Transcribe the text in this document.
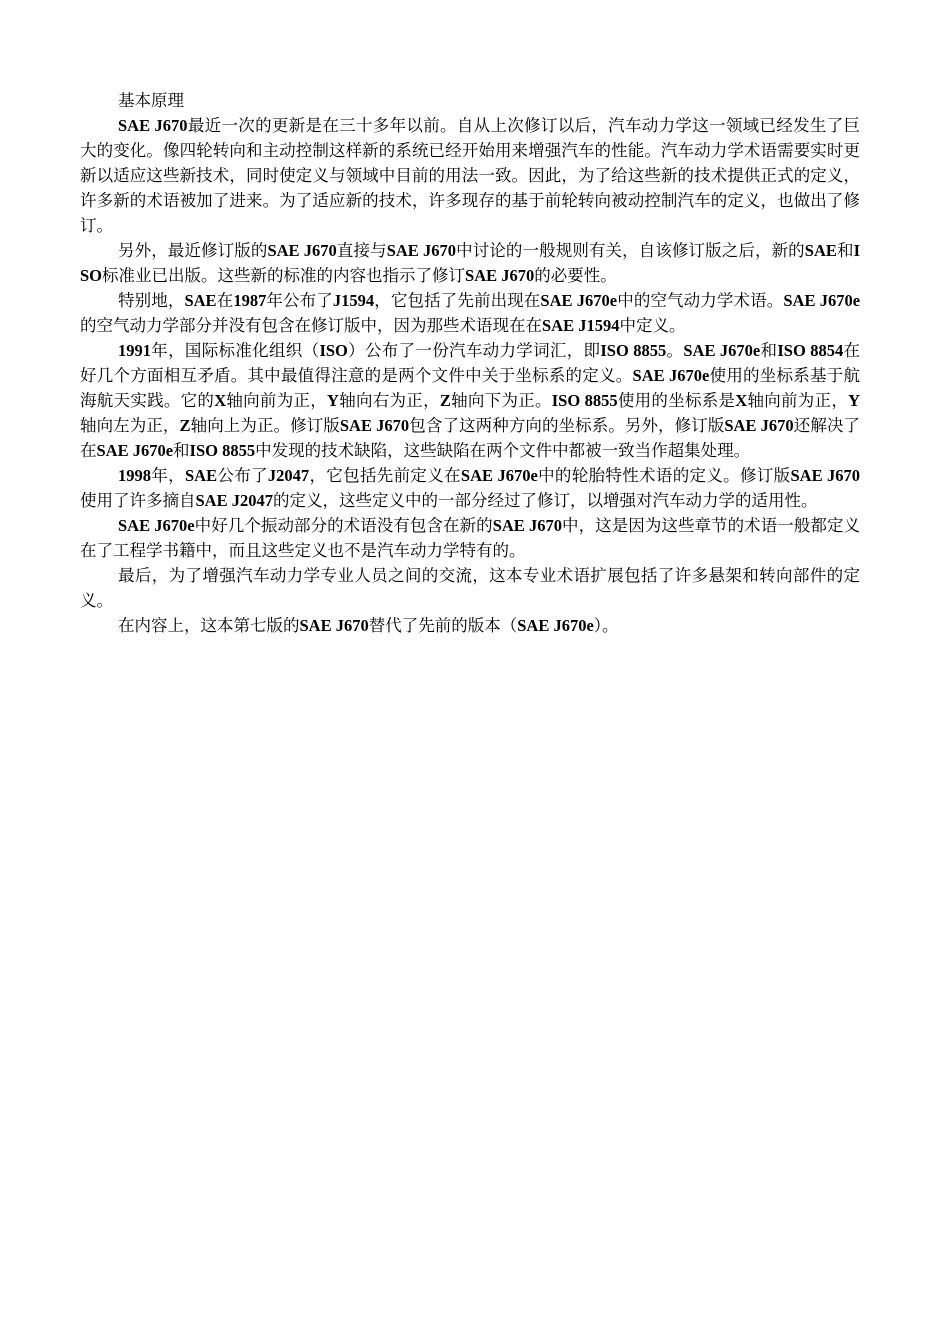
基本原理

SAE J670最近一次的更新是在三十多年以前。自从上次修订以后，汽车动力学这一领域已经发生了巨大的变化。像四轮转向和主动控制这样新的系统已经开始用来增强汽车的性能。汽车动力学术语需要实时更新以适应这些新技术，同时使定义与领域中目前的用法一致。因此，为了给这些新的技术提供正式的定义，许多新的术语被加了进来。为了适应新的技术，许多现存的基于前轮转向被动控制汽车的定义，也做出了修订。

另外，最近修订版的SAE J670直接与SAE J670中讨论的一般规则有关，自该修订版之后，新的SAE和ISO标准业已出版。这些新的标准的内容也指示了修订SAE J670的必要性。

特别地，SAE在1987年公布了J1594，它包括了先前出现在SAE J670e中的空气动力学术语。SAE J670e的空气动力学部分并没有包含在修订版中，因为那些术语现在在SAE J1594中定义。

1991年，国际标准化组织（ISO）公布了一份汽车动力学词汇，即ISO 8855。SAE J670e和ISO 8854在好几个方面相互矛盾。其中最值得注意的是两个文件中关于坐标系的定义。SAE J670e使用的坐标系基于航海航天实践。它的X轴向前为正，Y轴向右为正，Z轴向下为正。ISO 8855使用的坐标系是X轴向前为正，Y轴向左为正，Z轴向上为正。修订版SAE J670包含了这两种方向的坐标系。另外，修订版SAE J670还解决了在SAE J670e和ISO 8855中发现的技术缺陷，这些缺陷在两个文件中都被一致当作超集处理。

1998年，SAE公布了J2047，它包括先前定义在SAE J670e中的轮胎特性术语的定义。修订版SAE J670使用了许多摘自SAE J2047的定义，这些定义中的一部分经过了修订，以增强对汽车动力学的适用性。

SAE J670e中好几个振动部分的术语没有包含在新的SAE J670中，这是因为这些章节的术语一般都定义在了工程学书籍中，而且这些定义也不是汽车动力学特有的。

最后，为了增强汽车动力学专业人员之间的交流，这本专业术语扩展包括了许多悬架和转向部件的定义。

在内容上，这本第七版的SAE J670替代了先前的版本（SAE J670e）。
